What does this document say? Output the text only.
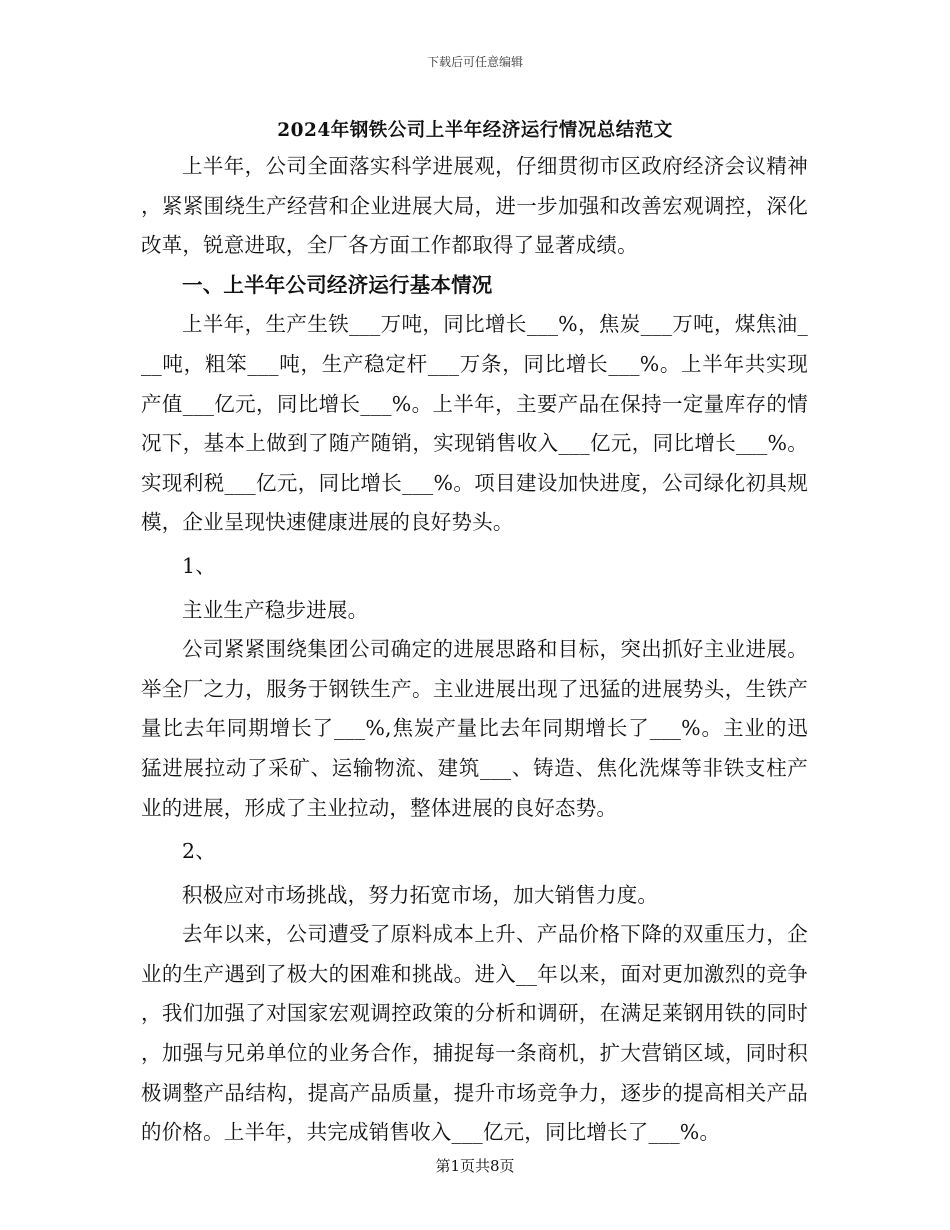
下载后可任意编辑
2024年钢铁公司上半年经济运行情况总结范文

上半年，公司全面落实科学进展观，仔细贯彻市区政府经济会议精神，紧紧围绕生产经营和企业进展大局，进一步加强和改善宏观调控，深化改革，锐意进取，全厂各方面工作都取得了显著成绩。

一、上半年公司经济运行基本情况

上半年，生产生铁___万吨，同比增长___%，焦炭___万吨，煤焦油___吨，粗笨___吨，生产稳定杆___万条，同比增长___%。上半年共实现产值___亿元，同比增长___%。上半年，主要产品在保持一定量库存的情况下，基本上做到了随产随销，实现销售收入___亿元，同比增长___%。实现利税___亿元，同比增长___%。项目建设加快进度，公司绿化初具规模，企业呈现快速健康进展的良好势头。

1、

主业生产稳步进展。

公司紧紧围绕集团公司确定的进展思路和目标，突出抓好主业进展。举全厂之力，服务于钢铁生产。主业进展出现了迅猛的进展势头，生铁产量比去年同期增长了___%,焦炭产量比去年同期增长了___%。主业的迅猛进展拉动了采矿、运输物流、建筑___、铸造、焦化洗煤等非铁支柱产业的进展，形成了主业拉动，整体进展的良好态势。

2、

积极应对市场挑战，努力拓宽市场，加大销售力度。

去年以来，公司遭受了原料成本上升、产品价格下降的双重压力，企业的生产遇到了极大的困难和挑战。进入__年以来，面对更加激烈的竞争，我们加强了对国家宏观调控政策的分析和调研，在满足莱钢用铁的同时，加强与兄弟单位的业务合作，捕捉每一条商机，扩大营销区域，同时积极调整产品结构，提高产品质量，提升市场竞争力，逐步的提高相关产品的价格。上半年，共完成销售收入___亿元，同比增长了___%。

第1页共8页
